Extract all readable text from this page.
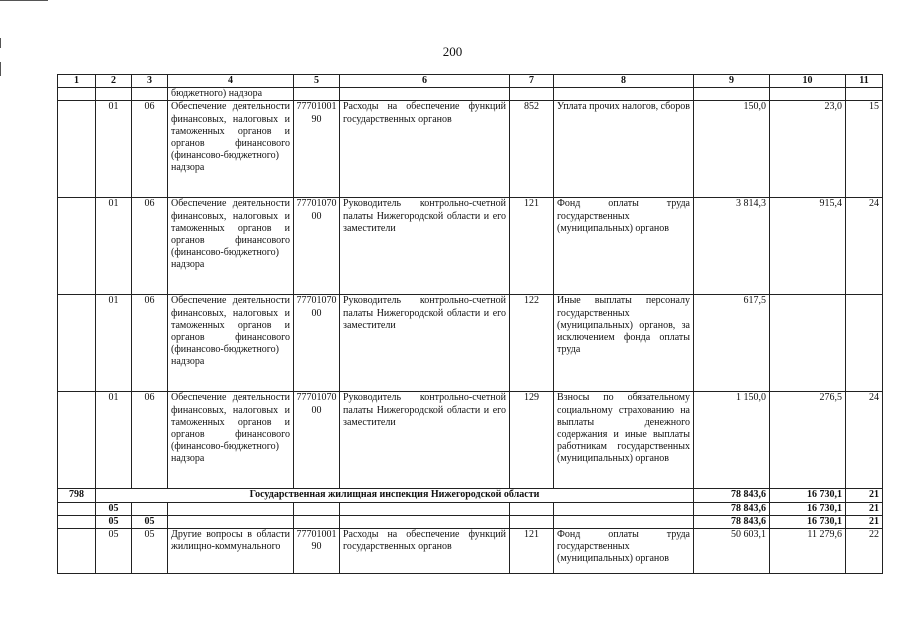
200
1	2	3	4	5	6	7	8	9	10	11
			бюджетного) надзора							
	01	06	Обеспечение деятельности финансовых, налоговых и таможенных органов и органов финансового (финансово-бюджетного) надзора	7770100190	Расходы на обеспечение функций государственных органов	852	Уплата прочих налогов, сборов	150,0	23,0	15
	01	06	Обеспечение деятельности финансовых, налоговых и таможенных органов и органов финансового (финансово-бюджетного) надзора	7770107000	Руководитель контрольно-счетной палаты Нижегородской области и его заместители	121	Фонд оплаты труда государственных (муниципальных) органов	3 814,3	915,4	24
	01	06	Обеспечение деятельности финансовых, налоговых и таможенных органов и органов финансового (финансово-бюджетного) надзора	7770107000	Руководитель контрольно-счетной палаты Нижегородской области и его заместители	122	Иные выплаты персоналу государственных (муниципальных) органов, за исключением фонда оплаты труда	617,5		
	01	06	Обеспечение деятельности финансовых, налоговых и таможенных органов и органов финансового (финансово-бюджетного) надзора	7770107000	Руководитель контрольно-счетной палаты Нижегородской области и его заместители	129	Взносы по обязательному социальному страхованию на выплаты денежного содержания и иные выплаты работникам государственных (муниципальных) органов	1 150,0	276,5	24
798	Государственная жилищная инспекция Нижегородской области							78 843,6	16 730,1	21
	05							78 843,6	16 730,1	21
	05	05						78 843,6	16 730,1	21
	05	05	Другие вопросы в области жилищно-коммунального	7770100190	Расходы на обеспечение функций государственных органов	121	Фонд оплаты труда государственных (муниципальных) органов	50 603,1	11 279,6	22
